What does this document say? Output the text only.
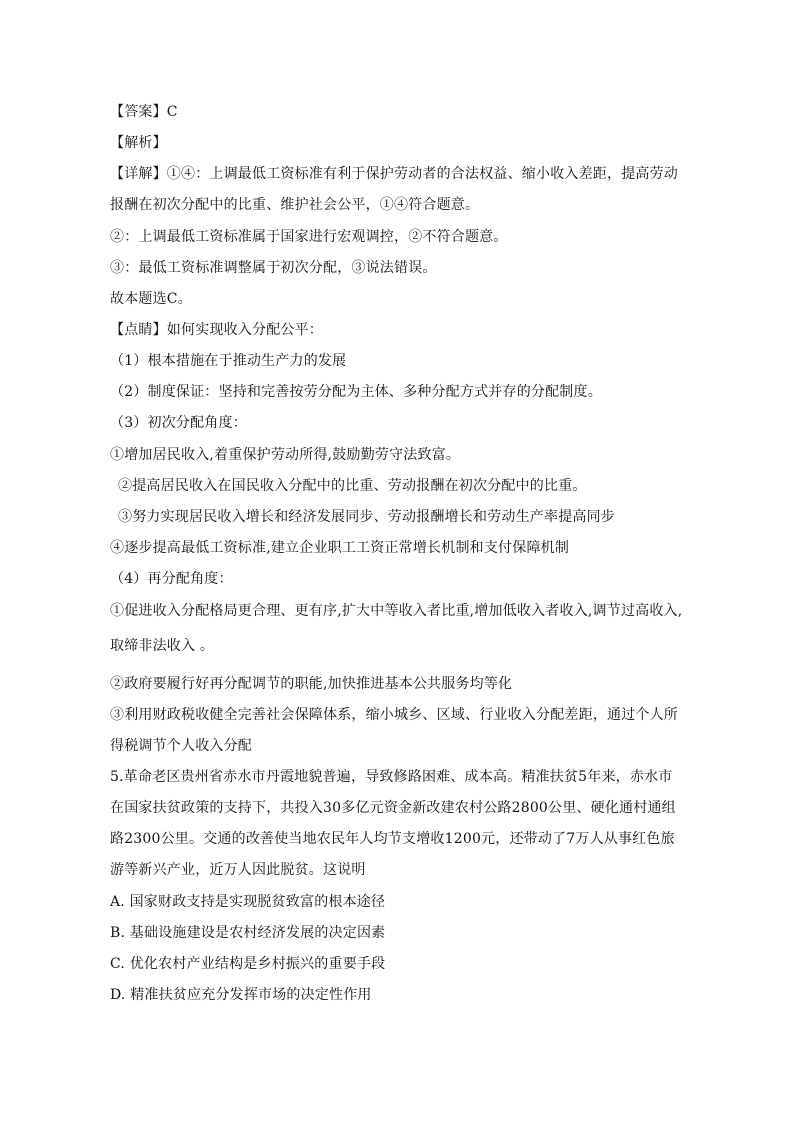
【答案】C
【解析】
【详解】①④：上调最低工资标准有利于保护劳动者的合法权益、缩小收入差距，提高劳动
报酬在初次分配中的比重、维护社会公平，①④符合题意。
②：上调最低工资标准属于国家进行宏观调控，②不符合题意。
③：最低工资标准调整属于初次分配，③说法错误。
故本题选C。
【点睛】如何实现收入分配公平：
（1）根本措施在于推动生产力的发展
（2）制度保证：坚持和完善按劳分配为主体、多种分配方式并存的分配制度。
（3）初次分配角度：
①增加居民收入,着重保护劳动所得,鼓励勤劳守法致富。
②提高居民收入在国民收入分配中的比重、劳动报酬在初次分配中的比重。
③努力实现居民收入增长和经济发展同步、劳动报酬增长和劳动生产率提高同步
④逐步提高最低工资标准,建立企业职工工资正常增长机制和支付保障机制
（4）再分配角度：
①促进收入分配格局更合理、更有序,扩大中等收入者比重,增加低收入者收入,调节过高收入,
取缔非法收入 。
②政府要履行好再分配调节的职能,加快推进基本公共服务均等化
③利用财政税收健全完善社会保障体系，缩小城乡、区域、行业收入分配差距，通过个人所
得税调节个人收入分配
5.革命老区贵州省赤水市丹霞地貌普遍，导致修路困难、成本高。精准扶贫5年来，赤水市
在国家扶贫政策的支持下，共投入30多亿元资金新改建农村公路2800公里、硬化通村通组
路2300公里。交通的改善使当地农民年人均节支增收1200元，还带动了7万人从事红色旅
游等新兴产业，近万人因此脱贫。这说明
A. 国家财政支持是实现脱贫致富的根本途径
B. 基础设施建设是农村经济发展的决定因素
C. 优化农村产业结构是乡村振兴的重要手段
D. 精准扶贫应充分发挥市场的决定性作用
